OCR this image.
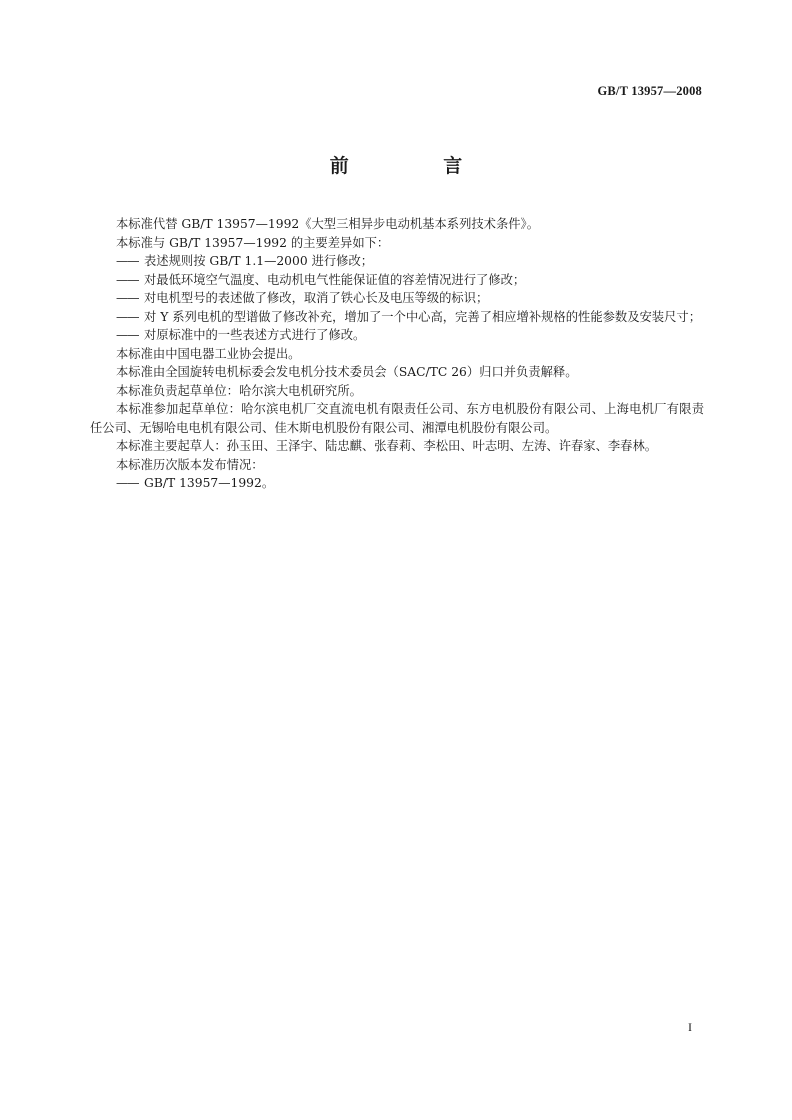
GB/T 13957—2008
前 言

本标准代替 GB/T 13957—1992《大型三相异步电动机基本系列技术条件》。

本标准与 GB/T 13957—1992 的主要差异如下：

—— 表述规则按 GB/T 1.1—2000 进行修改；

—— 对最低环境空气温度、电动机电气性能保证值的容差情况进行了修改；

—— 对电机型号的表述做了修改，取消了铁心长及电压等级的标识；

—— 对 Y 系列电机的型谱做了修改补充，增加了一个中心高，完善了相应增补规格的性能参数及安装尺寸；

—— 对原标准中的一些表述方式进行了修改。

本标准由中国电器工业协会提出。

本标准由全国旋转电机标委会发电机分技术委员会（SAC/TC 26）归口并负责解释。

本标准负责起草单位：哈尔滨大电机研究所。

本标准参加起草单位：哈尔滨电机厂交直流电机有限责任公司、东方电机股份有限公司、上海电机厂有限责任公司、无锡哈电电机有限公司、佳木斯电机股份有限公司、湘潭电机股份有限公司。

本标准主要起草人：孙玉田、王泽宇、陆忠麒、张春莉、李松田、叶志明、左涛、许春家、李春林。

本标准历次版本发布情况：

—— GB/T 13957—1992。

I
